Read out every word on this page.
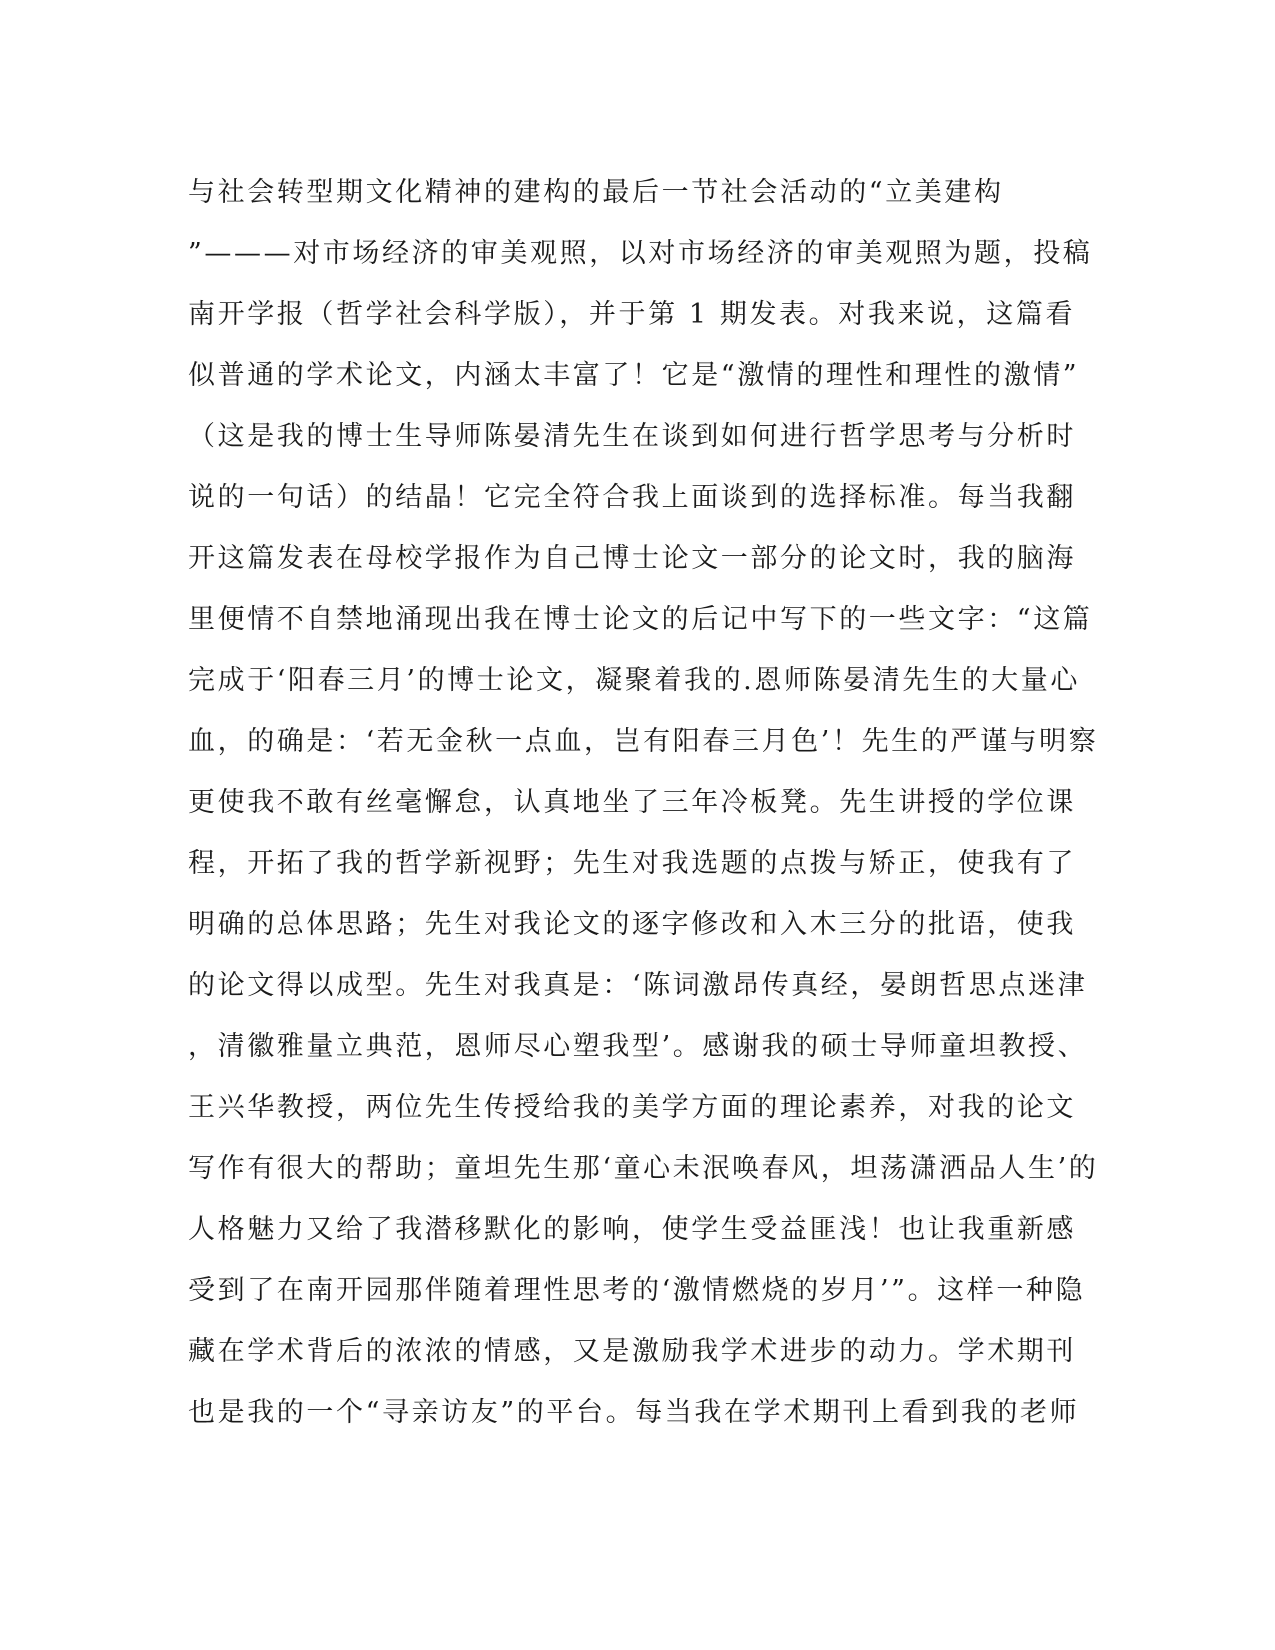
与社会转型期文化精神的建构的最后一节社会活动的“立美建构
”———对市场经济的审美观照，以对市场经济的审美观照为题，投稿
南开学报（哲学社会科学版），并于第 1 期发表。对我来说，这篇看
似普通的学术论文，内涵太丰富了！它是“激情的理性和理性的激情”
（这是我的博士生导师陈晏清先生在谈到如何进行哲学思考与分析时
说的一句话）的结晶！它完全符合我上面谈到的选择标准。每当我翻
开这篇发表在母校学报作为自己博士论文一部分的论文时，我的脑海
里便情不自禁地涌现出我在博士论文的后记中写下的一些文字：“这篇
完成于‘阳春三月’的博士论文，凝聚着我的.恩师陈晏清先生的大量心
血，的确是：‘若无金秋一点血，岂有阳春三月色’！先生的严谨与明察
更使我不敢有丝毫懈怠，认真地坐了三年冷板凳。先生讲授的学位课
程，开拓了我的哲学新视野；先生对我选题的点拨与矫正，使我有了
明确的总体思路；先生对我论文的逐字修改和入木三分的批语，使我
的论文得以成型。先生对我真是：‘陈词激昂传真经，晏朗哲思点迷津
，清徽雅量立典范，恩师尽心塑我型’。感谢我的硕士导师童坦教授、
王兴华教授，两位先生传授给我的美学方面的理论素养，对我的论文
写作有很大的帮助；童坦先生那‘童心未泯唤春风，坦荡潇洒品人生’的
人格魅力又给了我潜移默化的影响，使学生受益匪浅！也让我重新感
受到了在南开园那伴随着理性思考的‘激情燃烧的岁月’”。这样一种隐
藏在学术背后的浓浓的情感，又是激励我学术进步的动力。学术期刊
也是我的一个“寻亲访友”的平台。每当我在学术期刊上看到我的老师
